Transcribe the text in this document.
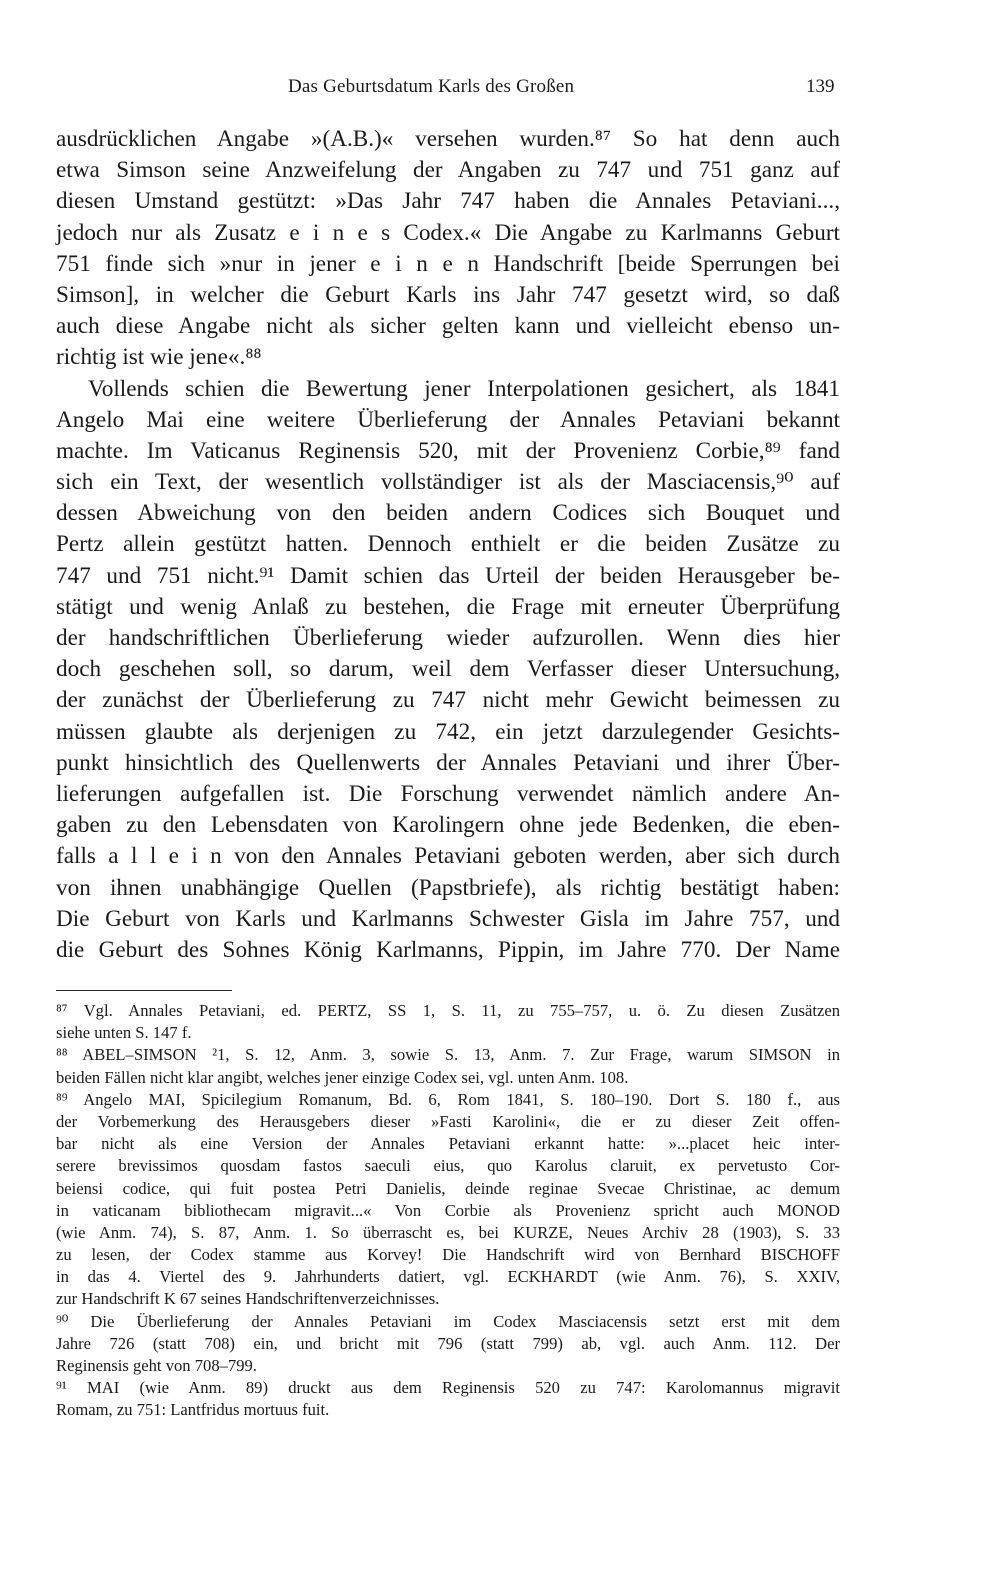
Das Geburtsdatum Karls des Großen	139
ausdrücklichen Angabe »(A.B.)« versehen wurden.⁸⁷ So hat denn auch
etwa Simson seine Anzweifelung der Angaben zu 747 und 751 ganz auf
diesen Umstand gestützt: »Das Jahr 747 haben die Annales Petaviani...,
jedoch nur als Zusatz e i n e s Codex.« Die Angabe zu Karlmanns Geburt
751 finde sich »nur in jener e i n e n Handschrift [beide Sperrungen bei
Simson], in welcher die Geburt Karls ins Jahr 747 gesetzt wird, so daß
auch diese Angabe nicht als sicher gelten kann und vielleicht ebenso un-
richtig ist wie jene«.⁸⁸
Vollends schien die Bewertung jener Interpolationen gesichert, als 1841
Angelo Mai eine weitere Überlieferung der Annales Petaviani bekannt
machte. Im Vaticanus Reginensis 520, mit der Provenienz Corbie,⁸⁹ fand
sich ein Text, der wesentlich vollständiger ist als der Masciacensis,⁹⁰ auf
dessen Abweichung von den beiden andern Codices sich Bouquet und
Pertz allein gestützt hatten. Dennoch enthielt er die beiden Zusätze zu
747 und 751 nicht.⁹¹ Damit schien das Urteil der beiden Herausgeber be-
stätigt und wenig Anlaß zu bestehen, die Frage mit erneuter Überprüfung
der handschriftlichen Überlieferung wieder aufzurollen. Wenn dies hier
doch geschehen soll, so darum, weil dem Verfasser dieser Untersuchung,
der zunächst der Überlieferung zu 747 nicht mehr Gewicht beimessen zu
müssen glaubte als derjenigen zu 742, ein jetzt darzulegender Gesichts-
punkt hinsichtlich des Quellenwerts der Annales Petaviani und ihrer Über-
lieferungen aufgefallen ist. Die Forschung verwendet nämlich andere An-
gaben zu den Lebensdaten von Karolingern ohne jede Bedenken, die eben-
falls a l l e i n von den Annales Petaviani geboten werden, aber sich durch
von ihnen unabhängige Quellen (Papstbriefe), als richtig bestätigt haben:
Die Geburt von Karls und Karlmanns Schwester Gisla im Jahre 757, und
die Geburt des Sohnes König Karlmanns, Pippin, im Jahre 770. Der Name
⁸⁷ Vgl. Annales Petaviani, ed. PERTZ, SS 1, S. 11, zu 755–757, u. ö. Zu diesen Zusätzen
siehe unten S. 147 f.
⁸⁸ ABEL–SIMSON ²1, S. 12, Anm. 3, sowie S. 13, Anm. 7. Zur Frage, warum SIMSON in
beiden Fällen nicht klar angibt, welches jener einzige Codex sei, vgl. unten Anm. 108.
⁸⁹ Angelo MAI, Spicilegium Romanum, Bd. 6, Rom 1841, S. 180–190. Dort S. 180 f., aus
der Vorbemerkung des Herausgebers dieser »Fasti Karolini«, die er zu dieser Zeit offen-
bar nicht als eine Version der Annales Petaviani erkannt hatte: »...placet heic inter-
serere brevissimos quosdam fastos saeculi eius, quo Karolus claruit, ex pervetusto Cor-
beiensi codice, qui fuit postea Petri Danielis, deinde reginae Svecae Christinae, ac demum
in vaticanam bibliothecam migravit...« Von Corbie als Provenienz spricht auch MONOD
(wie Anm. 74), S. 87, Anm. 1. So überrascht es, bei KURZE, Neues Archiv 28 (1903), S. 33
zu lesen, der Codex stamme aus Korvey! Die Handschrift wird von Bernhard BISCHOFF
in das 4. Viertel des 9. Jahrhunderts datiert, vgl. ECKHARDT (wie Anm. 76), S. XXIV,
zur Handschrift K 67 seines Handschriftenverzeichnisses.
⁹⁰ Die Überlieferung der Annales Petaviani im Codex Masciacensis setzt erst mit dem
Jahre 726 (statt 708) ein, und bricht mit 796 (statt 799) ab, vgl. auch Anm. 112. Der
Reginensis geht von 708–799.
⁹¹ MAI (wie Anm. 89) druckt aus dem Reginensis 520 zu 747: Karolomannus migravit
Romam, zu 751: Lantfridus mortuus fuit.
